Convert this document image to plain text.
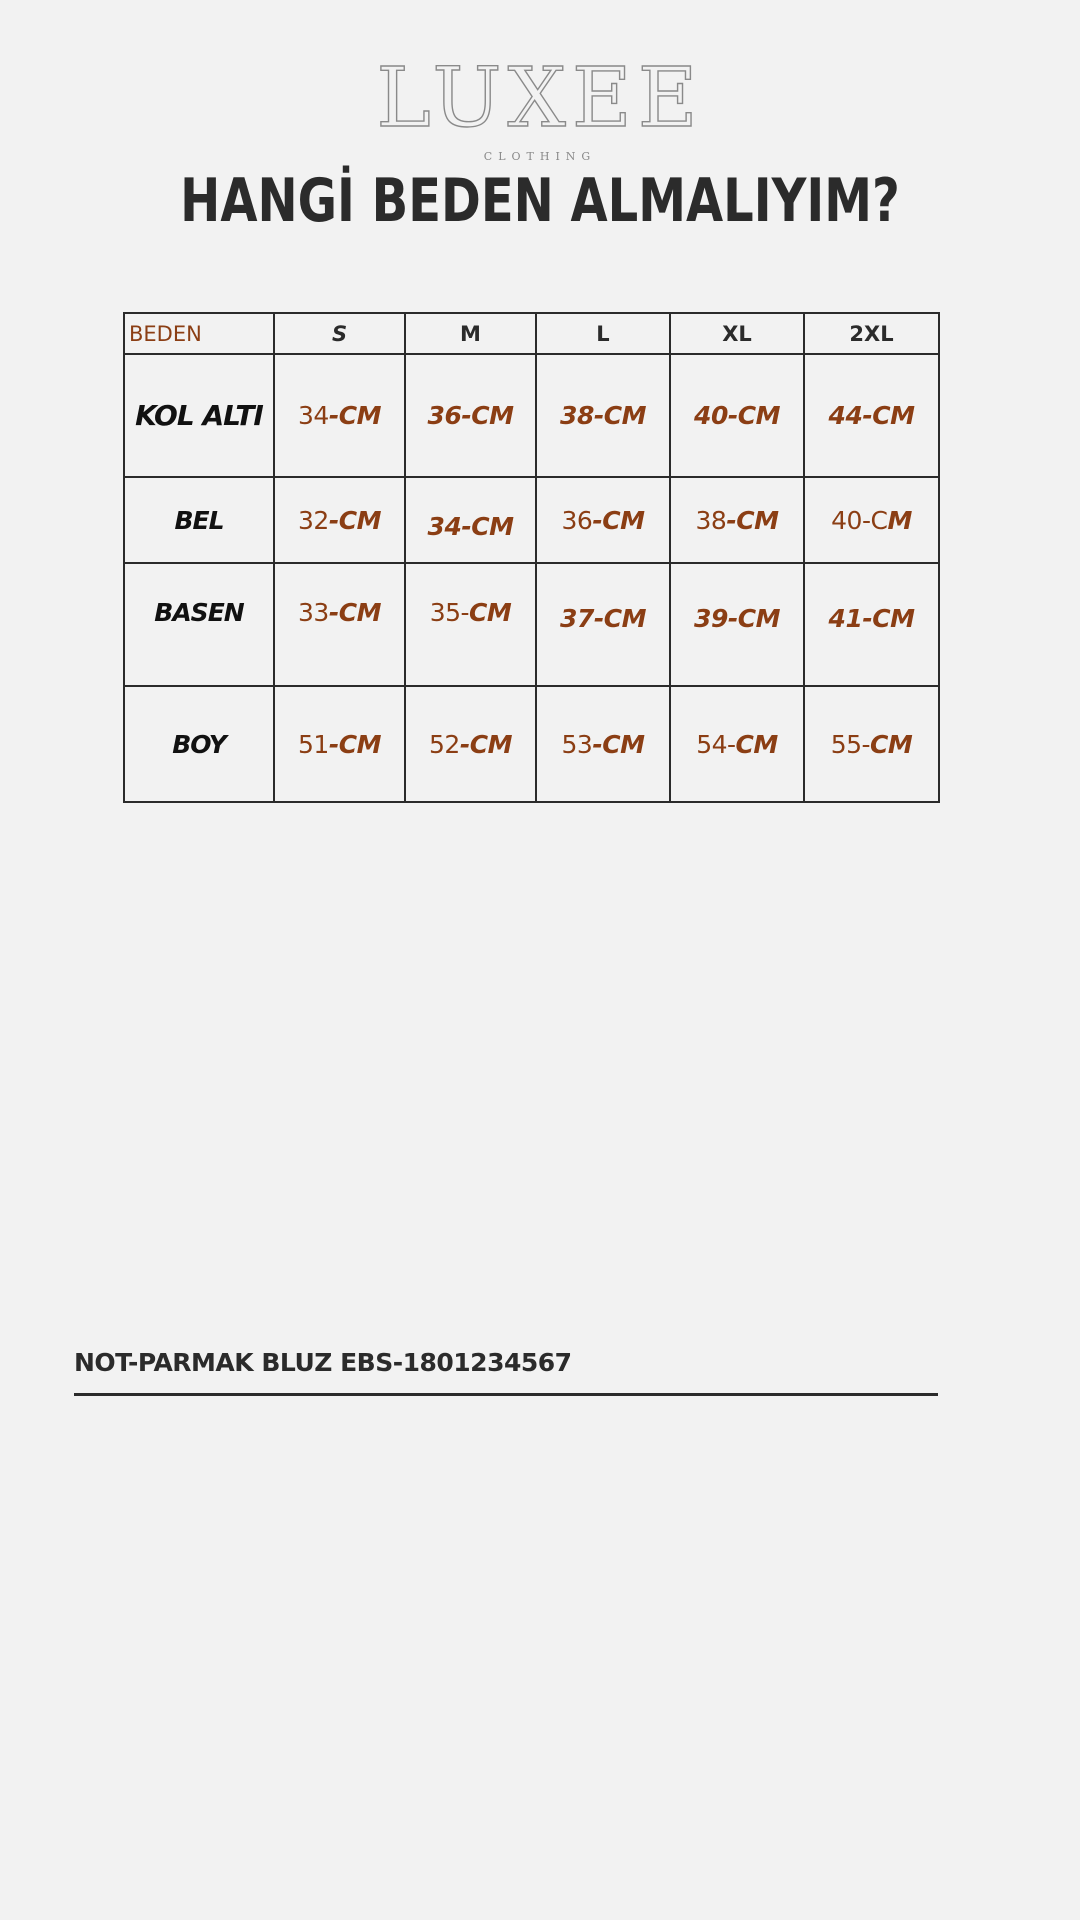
LUXEE
CLOTHING
HANGİ BEDEN ALMALIYIM?
BEDEN	S	M	L	XL	2XL
KOL ALTI	34-CM	36-CM	38-CM	40-CM	44-CM
BEL	32-CM	34-CM	36-CM	38-CM	40-CM
BASEN	33-CM	35-CM	37-CM	39-CM	41-CM
BOY	51-CM	52-CM	53-CM	54-CM	55-CM
NOT-PARMAK BLUZ EBS-1801234567
